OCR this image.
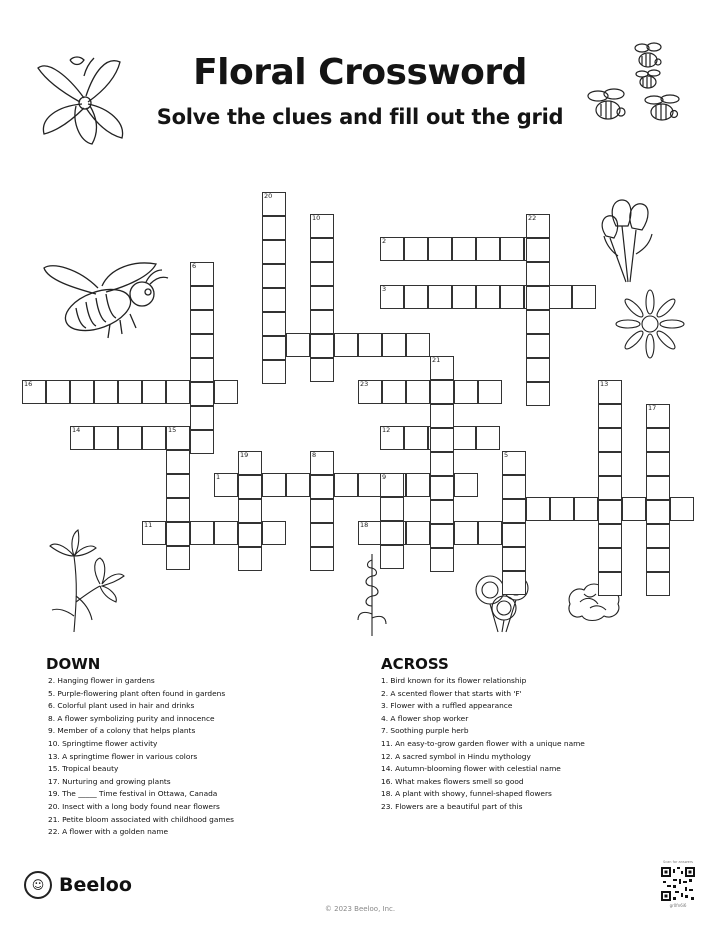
Floral Crossword
Solve the clues and fill out the grid
2
3
16	23
14	15	12
1
11	18
20
10	22
6
21
13
17
19	8	5
9
DOWN
2. Hanging flower in gardens
5. Purple-flowering plant often found in gardens
6. Colorful plant used in hair and drinks
8. A flower symbolizing purity and innocence
9. Member of a colony that helps plants
10. Springtime flower activity
13. A springtime flower in various colors
15. Tropical beauty
17. Nurturing and growing plants
19. The _____ Time festival in Ottawa, Canada
20. Insect with a long body found near flowers
21. Petite bloom associated with childhood games
22. A flower with a golden name
ACROSS
1. Bird known for its flower relationship
2. A scented flower that starts with 'F'
3. Flower with a ruffled appearance
4. A flower shop worker
7. Soothing purple herb
11. An easy-to-grow garden flower with a unique name
12. A sacred symbol in Hindu mythology
14. Autumn-blooming flower with celestial name
16. What makes flowers smell so good
18. A plant with showy, funnel-shaped flowers
23. Flowers are a beautiful part of this
☺ Beeloo
© 2023 Beeloo, Inc.
Scan for answers
gr0fn6i6
